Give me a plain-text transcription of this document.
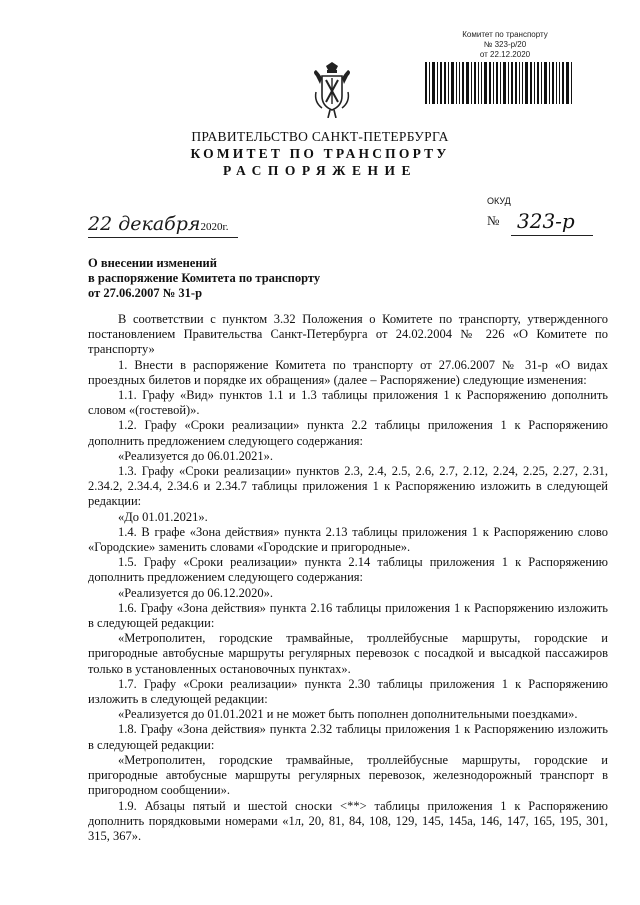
Комитет по транспорту
№ 323-р/20
от 22.12.2020
ПРАВИТЕЛЬСТВО САНКТ-ПЕТЕРБУРГА
КОМИТЕТ ПО ТРАНСПОРТУ
РАСПОРЯЖЕНИЕ
ОКУД
22 декабря2020г.	№ 323-р
О внесении изменений
в распоряжение Комитета по транспорту
от 27.06.2007 № 31-р

В соответствии с пунктом 3.32 Положения о Комитете по транспорту, утвержденного постановлением Правительства Санкт-Петербурга от 24.02.2004 № 226 «О Комитете по транспорту»

1. Внести в распоряжение Комитета по транспорту от 27.06.2007 № 31-р «О видах проездных билетов и порядке их обращения» (далее – Распоряжение) следующие изменения:

1.1. Графу «Вид» пунктов 1.1 и 1.3 таблицы приложения 1 к Распоряжению дополнить словом «(гостевой)».

1.2. Графу «Сроки реализации» пункта 2.2 таблицы приложения 1 к Распоряжению дополнить предложением следующего содержания:

«Реализуется до 06.01.2021».

1.3. Графу «Сроки реализации» пунктов 2.3, 2.4, 2.5, 2.6, 2.7, 2.12, 2.24, 2.25, 2.27, 2.31, 2.34.2, 2.34.4, 2.34.6 и 2.34.7 таблицы приложения 1 к Распоряжению изложить в следующей редакции:

«До 01.01.2021».

1.4. В графе «Зона действия» пункта 2.13 таблицы приложения 1 к Распоряжению слово «Городские» заменить словами «Городские и пригородные».

1.5. Графу «Сроки реализации» пункта 2.14 таблицы приложения 1 к Распоряжению дополнить предложением следующего содержания:

«Реализуется до 06.12.2020».

1.6. Графу «Зона действия» пункта 2.16 таблицы приложения 1 к Распоряжению изложить в следующей редакции:

«Метрополитен, городские трамвайные, троллейбусные маршруты, городские и пригородные автобусные маршруты регулярных перевозок с посадкой и высадкой пассажиров только в установленных остановочных пунктах».

1.7. Графу «Сроки реализации» пункта 2.30 таблицы приложения 1 к Распоряжению изложить в следующей редакции:

«Реализуется до 01.01.2021 и не может быть пополнен дополнительными поездками».

1.8. Графу «Зона действия» пункта 2.32 таблицы приложения 1 к Распоряжению изложить в следующей редакции:

«Метрополитен, городские трамвайные, троллейбусные маршруты, городские и пригородные автобусные маршруты регулярных перевозок, железнодорожный транспорт в пригородном сообщении».

1.9. Абзацы пятый и шестой сноски <**> таблицы приложения 1 к Распоряжению дополнить порядковыми номерами «1л, 20, 81, 84, 108, 129, 145, 145а, 146, 147, 165, 195, 301, 315, 367».
